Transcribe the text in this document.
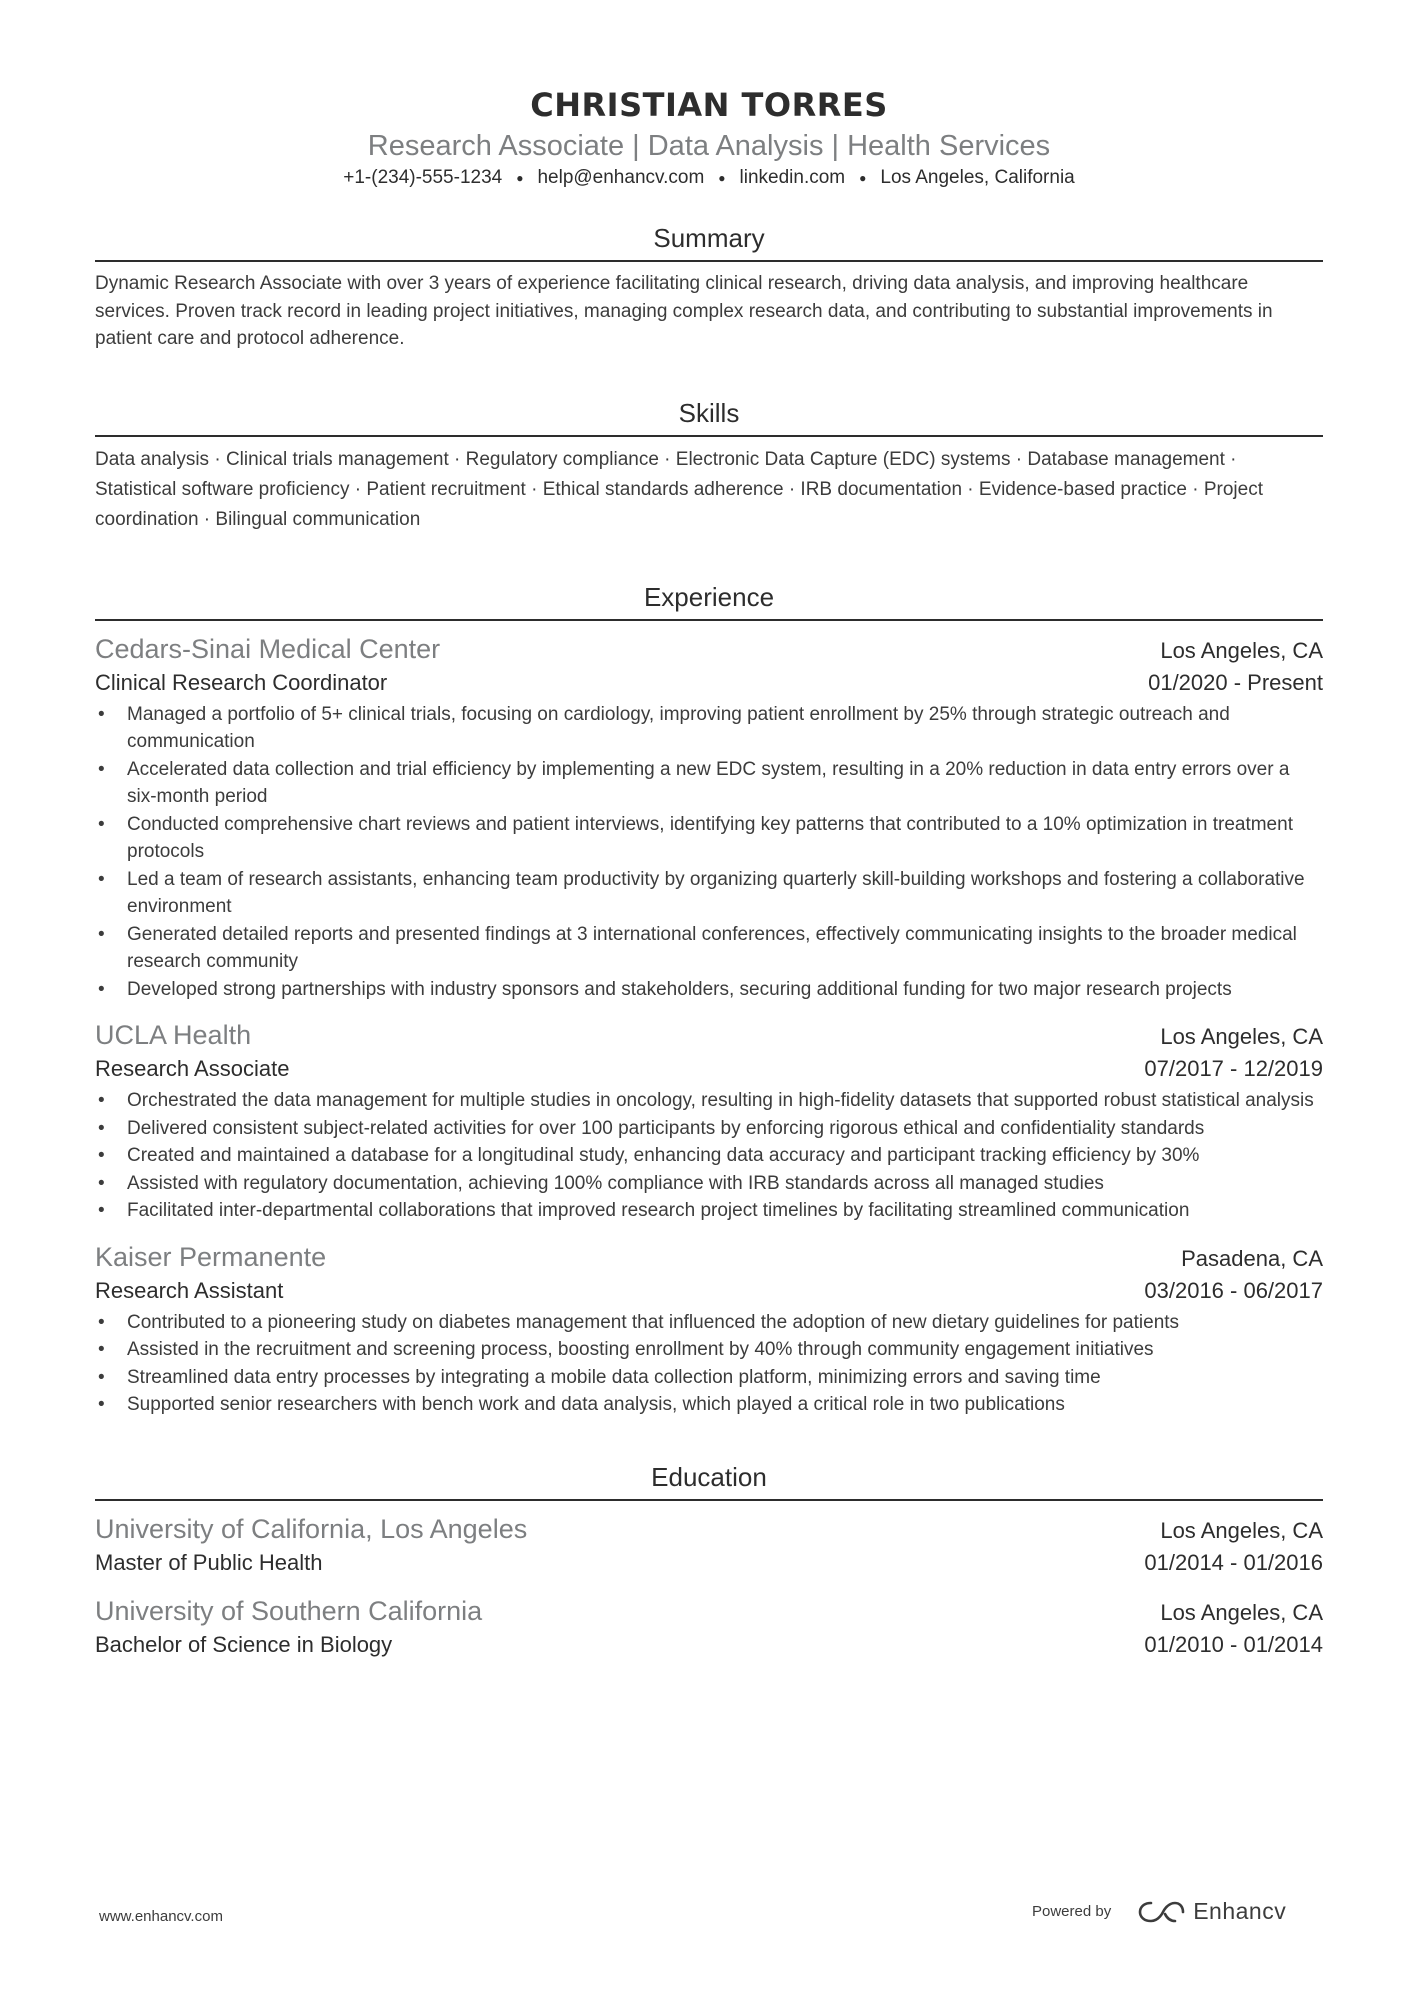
CHRISTIAN TORRES
Research Associate | Data Analysis | Health Services
+1-(234)-555-1234 ● help@enhancv.com ● linkedin.com ● Los Angeles, California
Summary
Dynamic Research Associate with over 3 years of experience facilitating clinical research, driving data analysis, and improving healthcare services. Proven track record in leading project initiatives, managing complex research data, and contributing to substantial improvements in patient care and protocol adherence.
Skills
Data analysis · Clinical trials management · Regulatory compliance · Electronic Data Capture (EDC) systems · Database management · Statistical software proficiency · Patient recruitment · Ethical standards adherence · IRB documentation · Evidence-based practice · Project coordination · Bilingual communication
Experience
Cedars-Sinai Medical Center	Los Angeles, CA
Clinical Research Coordinator	01/2020 - Present
• Managed a portfolio of 5+ clinical trials, focusing on cardiology, improving patient enrollment by 25% through strategic outreach and communication
• Accelerated data collection and trial efficiency by implementing a new EDC system, resulting in a 20% reduction in data entry errors over a six-month period
• Conducted comprehensive chart reviews and patient interviews, identifying key patterns that contributed to a 10% optimization in treatment protocols
• Led a team of research assistants, enhancing team productivity by organizing quarterly skill-building workshops and fostering a collaborative environment
• Generated detailed reports and presented findings at 3 international conferences, effectively communicating insights to the broader medical research community
• Developed strong partnerships with industry sponsors and stakeholders, securing additional funding for two major research projects
UCLA Health	Los Angeles, CA
Research Associate	07/2017 - 12/2019
• Orchestrated the data management for multiple studies in oncology, resulting in high-fidelity datasets that supported robust statistical analysis
• Delivered consistent subject-related activities for over 100 participants by enforcing rigorous ethical and confidentiality standards
• Created and maintained a database for a longitudinal study, enhancing data accuracy and participant tracking efficiency by 30%
• Assisted with regulatory documentation, achieving 100% compliance with IRB standards across all managed studies
• Facilitated inter-departmental collaborations that improved research project timelines by facilitating streamlined communication
Kaiser Permanente	Pasadena, CA
Research Assistant	03/2016 - 06/2017
• Contributed to a pioneering study on diabetes management that influenced the adoption of new dietary guidelines for patients
• Assisted in the recruitment and screening process, boosting enrollment by 40% through community engagement initiatives
• Streamlined data entry processes by integrating a mobile data collection platform, minimizing errors and saving time
• Supported senior researchers with bench work and data analysis, which played a critical role in two publications
Education
University of California, Los Angeles	Los Angeles, CA
Master of Public Health	01/2014 - 01/2016
University of Southern California	Los Angeles, CA
Bachelor of Science in Biology	01/2010 - 01/2014
www.enhancv.com	Powered by	Enhancv
